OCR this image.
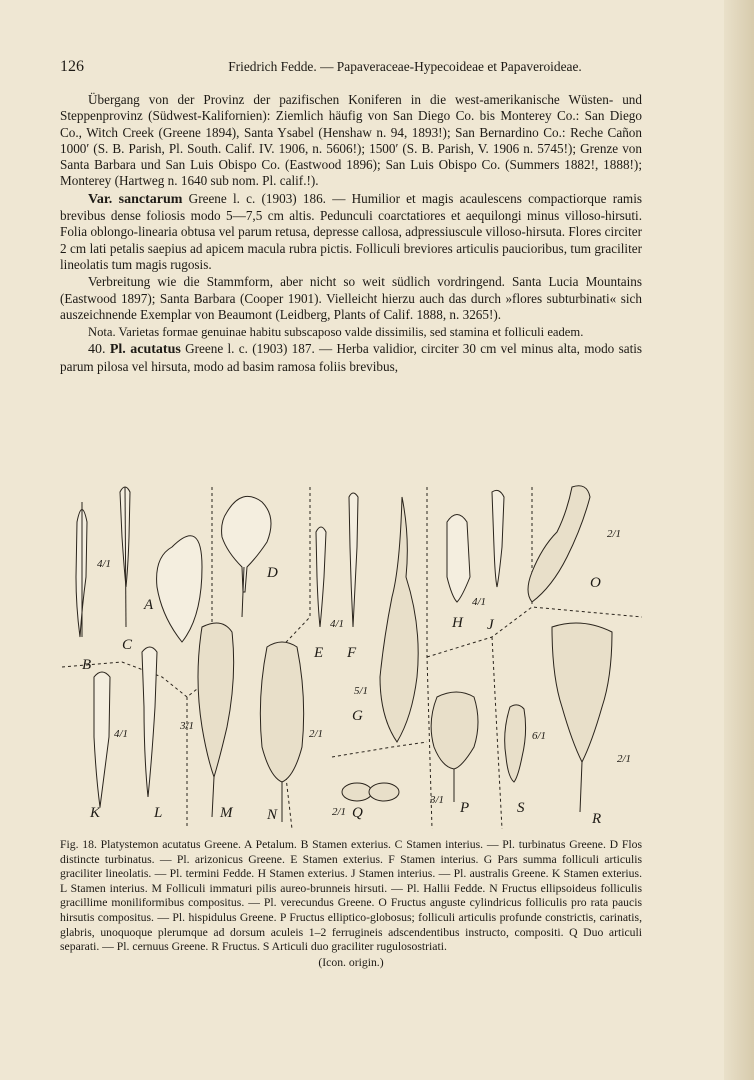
126	Friedrich Fedde. — Papaveraceae-Hypecoideae et Papaveroideae.

Übergang von der Provinz der pazifischen Koniferen in die west-amerikanische Wüsten- und Steppenprovinz (Südwest-Kalifornien): Ziemlich häufig von San Diego Co. bis Monterey Co.: San Diego Co., Witch Creek (Greene 1894), Santa Ysabel (Henshaw n. 94, 1893!); San Bernardino Co.: Reche Cañon 1000′ (S. B. Parish, Pl. South. Calif. IV. 1906, n. 5606!); 1500′ (S. B. Parish, V. 1906 n. 5745!); Grenze von Santa Barbara und San Luis Obispo Co. (Eastwood 1896); San Luis Obispo Co. (Summers 1882!, 1888!); Monterey (Hartweg n. 1640 sub nom. Pl. calif.!).

Var. sanctarum Greene l. c. (1903) 186. — Humilior et magis acaulescens compactiorque ramis brevibus dense foliosis modo 5—7,5 cm altis. Pedunculi coarctatiores et aequilongi minus villoso-hirsuti. Folia oblongo-linearia obtusa vel parum retusa, depresse callosa, adpressiuscule villoso-hirsuta. Flores circiter 2 cm lati petalis saepius ad apicem macula rubra pictis. Folliculi breviores articulis paucioribus, tum graciliter lineolatis tum magis rugosis.

Verbreitung wie die Stammform, aber nicht so weit südlich vordringend. Santa Lucia Mountains (Eastwood 1897); Santa Barbara (Cooper 1901). Vielleicht hierzu auch das durch »flores subturbinati« sich auszeichnende Exemplar von Beaumont (Leidberg, Plants of Calif. 1888, n. 3265!).

Nota. Varietas formae genuinae habitu subscaposo valde dissimilis, sed stamina et folliculi eadem.

40. Pl. acutatus Greene l. c. (1903) 187. — Herba validior, circiter 30 cm vel minus alta, modo satis parum pilosa vel hirsuta, modo ad basim ramosa foliis brevibus,

A
B
C
D
E F
G
H J
K	L	M N
O
P
Q	R
S
4/1
4/1
5/1
4/1
2/1
4/1
3/1
2/1
2/1
6/1
3/1
2/1

Fig. 18. Platystemon acutatus Greene. A Petalum. B Stamen exterius. C Stamen interius. — Pl. turbinatus Greene. D Flos distincte turbinatus. — Pl. arizonicus Greene. E Stamen exterius. F Stamen interius. G Pars summa folliculi articulis graciliter lineolatis. — Pl. termini Fedde. H Stamen exterius. J Stamen interius. — Pl. australis Greene. K Stamen exterius. L Stamen interius. M Folliculi immaturi pilis aureo-brunneis hirsuti. — Pl. Hallii Fedde. N Fructus ellipsoideus folliculis gracillime moniliformibus compositus. — Pl. verecundus Greene. O Fructus anguste cylindricus folliculis pro rata paucis hirsutis compositus. — Pl. hispidulus Greene. P Fructus elliptico-globosus; folliculi articulis profunde constrictis, carinatis, glabris, unoquoque plerumque ad dorsum aculeis 1–2 ferrugineis adscendentibus instructo, compositi. Q Duo articuli separati. — Pl. cernuus Greene. R Fructus. S Articuli duo graciliter rugulosostriati.

(Icon. origin.)
